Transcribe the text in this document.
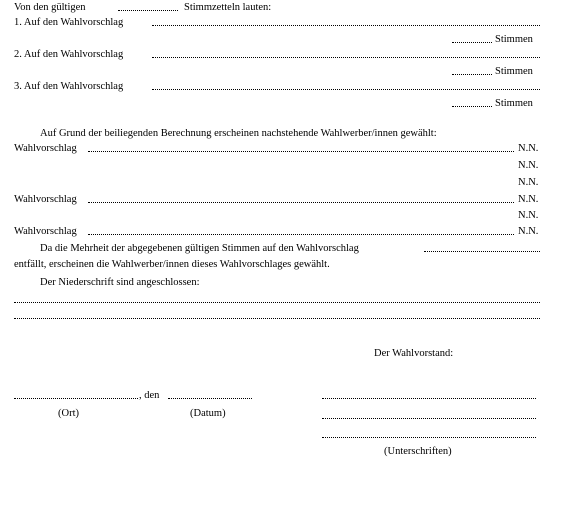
Von den gültigen	Stimmzetteln lauten:
1. Auf den Wahlvorschlag
Stimmen
2. Auf den Wahlvorschlag
Stimmen
3. Auf den Wahlvorschlag
Stimmen
Auf Grund der beiliegenden Berechnung erscheinen nachstehende Wahlwerber/innen gewählt:
Wahlvorschlag	N.N.
N.N.
N.N.
Wahlvorschlag	N.N.
N.N.
Wahlvorschlag	N.N.
Da die Mehrheit der abgegebenen gültigen Stimmen auf den Wahlvorschlag
entfällt, erscheinen die Wahlwerber/innen dieses Wahlvorschlages gewählt.
Der Niederschrift sind angeschlossen:
Der Wahlvorstand:
, den
(Ort)	(Datum)
(Unterschriften)
